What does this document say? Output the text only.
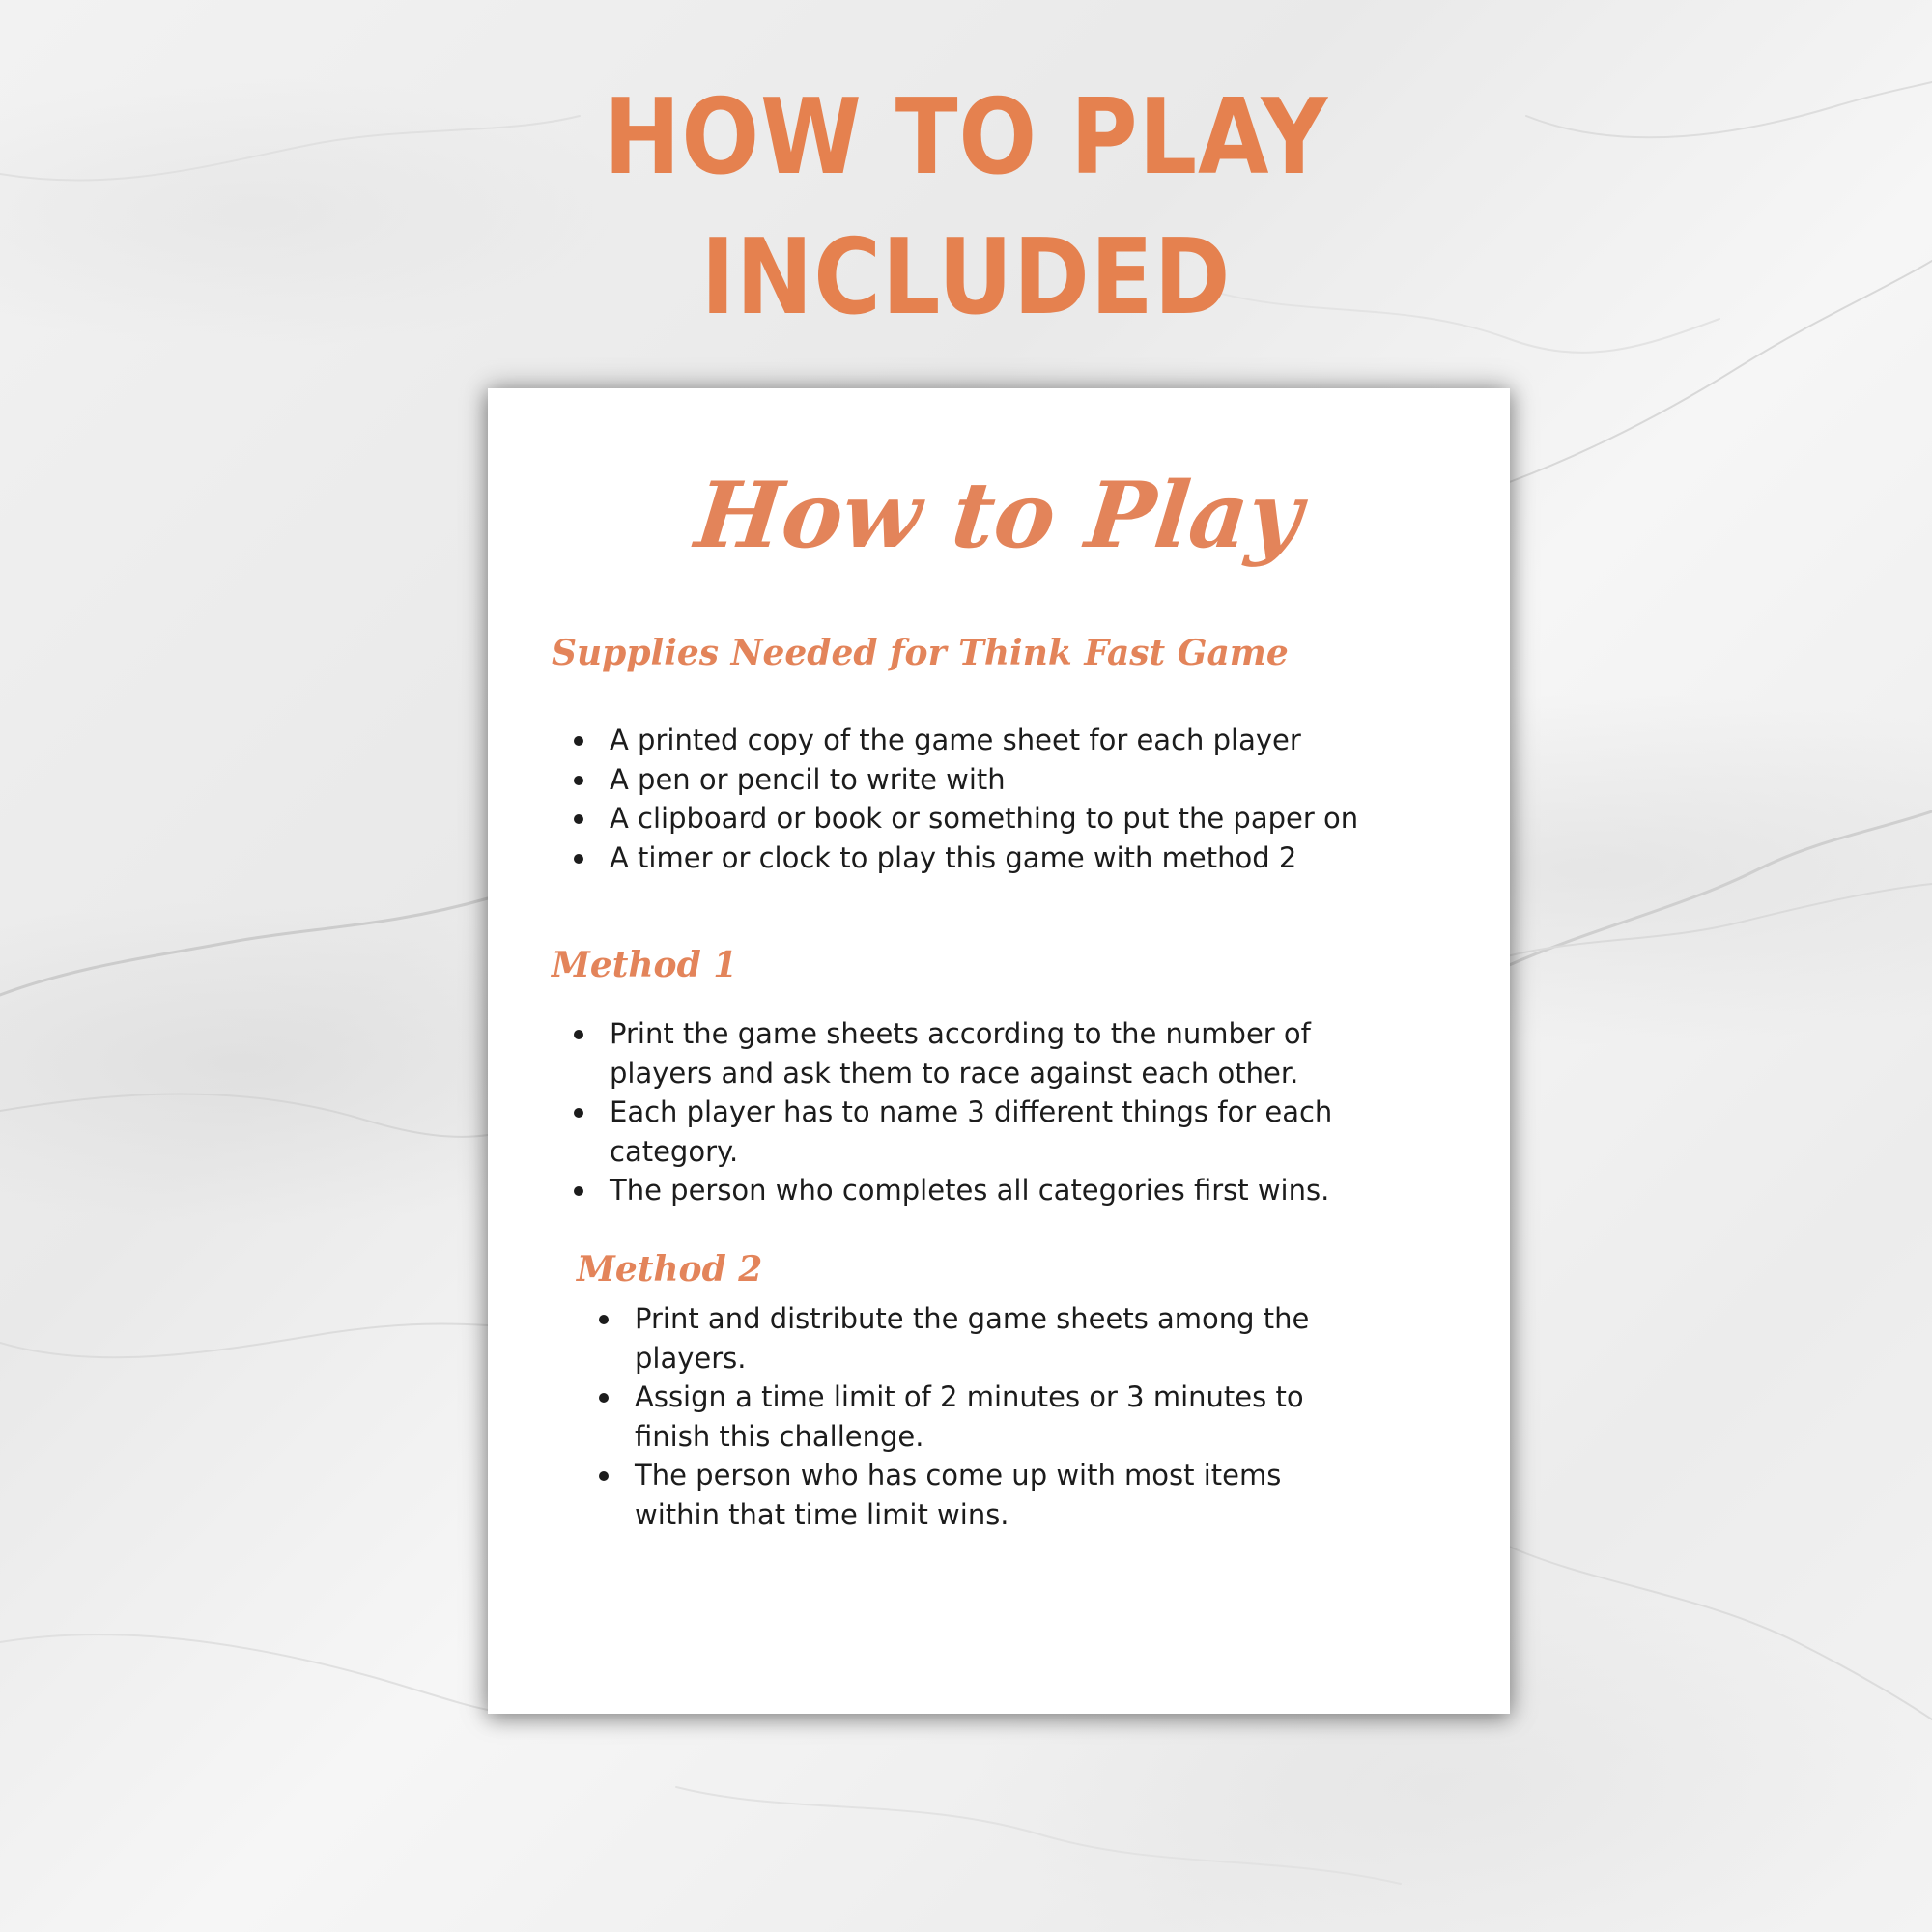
HOW TO PLAY
INCLUDED
How to Play
Supplies Needed for Think Fast Game
A printed copy of the game sheet for each player
A pen or pencil to write with
A clipboard or book or something to put the paper on
A timer or clock to play this game with method 2
Method 1
Print the game sheets according to the number of players and ask them to race against each other.
Each player has to name 3 different things for each category.
The person who completes all categories first wins.
Method 2
Print and distribute the game sheets among the players.
Assign a time limit of 2 minutes or 3 minutes to finish this challenge.
The person who has come up with most items within that time limit wins.
